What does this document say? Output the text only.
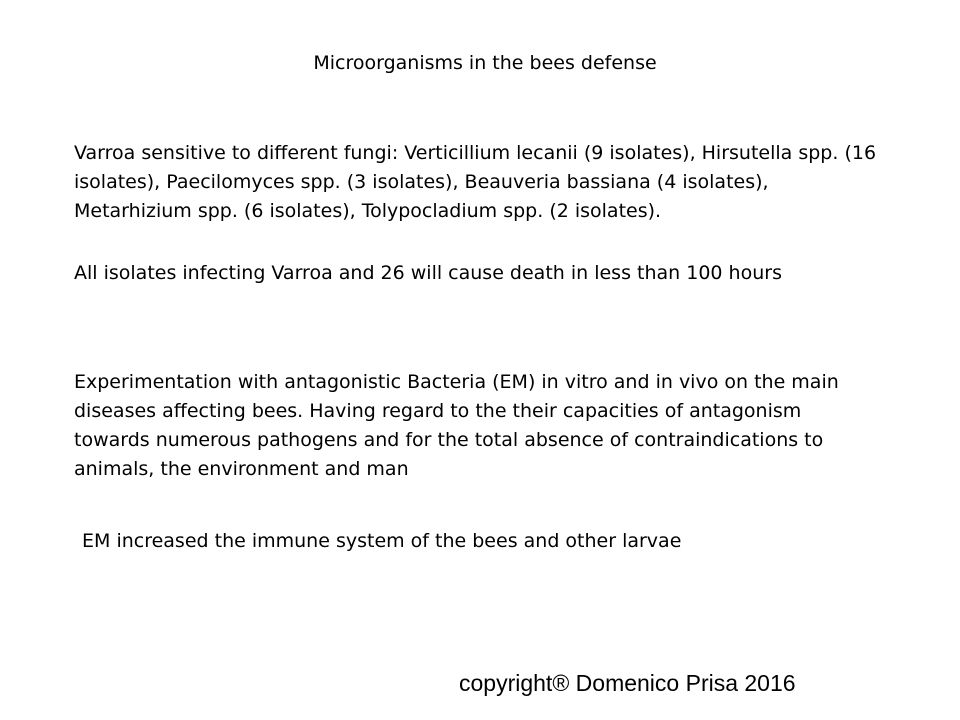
Microorganisms in the bees defense

Varroa sensitive to different fungi: Verticillium lecanii (9 isolates), Hirsutella spp. (16
isolates), Paecilomyces spp. (3 isolates), Beauveria bassiana (4 isolates),
Metarhizium spp. (6 isolates), Tolypocladium spp. (2 isolates).

All isolates infecting Varroa and 26 will cause death in less than 100 hours

Experimentation with antagonistic Bacteria (EM) in vitro and in vivo on the main
diseases affecting bees. Having regard to the their capacities of antagonism
towards numerous pathogens and for the total absence of contraindications to
animals, the environment and man

EM increased the immune system of the bees and other larvae

copyright® Domenico Prisa 2016
